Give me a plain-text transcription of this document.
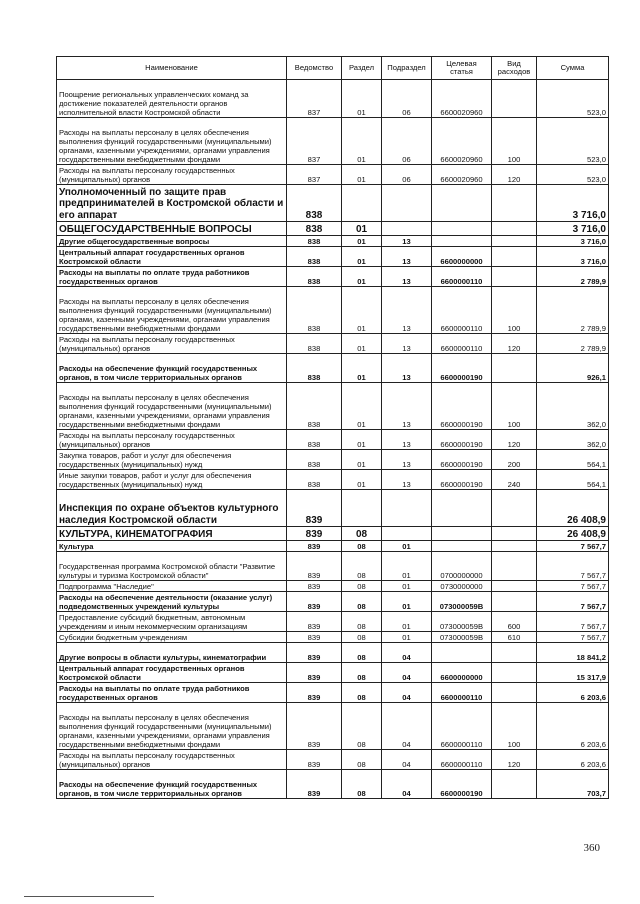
Наименование	Ведомство	Раздел	Подраздел	Целевая статья	Вид расходов	Сумма
Поощрение региональных управленческих команд за достижение показателей деятельности органов исполнительной власти Костромской области	837	01	06	6600020960		523,0
Расходы на выплаты персоналу в целях обеспечения выполнения функций государственными (муниципальными) органами, казенными учреждениями, органами управления государственными внебюджетными фондами	837	01	06	6600020960	100	523,0
Расходы на выплаты персоналу государственных (муниципальных) органов	837	01	06	6600020960	120	523,0
Уполномоченный по защите прав предпринимателей в Костромской области и его аппарат	838					3 716,0
ОБЩЕГОСУДАРСТВЕННЫЕ ВОПРОСЫ	838	01				3 716,0
Другие общегосударственные вопросы	838	01	13			3 716,0
Центральный аппарат государственных органов Костромской области	838	01	13	6600000000		3 716,0
Расходы на выплаты по оплате труда работников государственных органов	838	01	13	6600000110		2 789,9
Расходы на выплаты персоналу в целях обеспечения выполнения функций государственными (муниципальными) органами, казенными учреждениями, органами управления государственными внебюджетными фондами	838	01	13	6600000110	100	2 789,9
Расходы на выплаты персоналу государственных (муниципальных) органов	838	01	13	6600000110	120	2 789,9
Расходы на обеспечение функций государственных органов, в том числе территориальных органов	838	01	13	6600000190		926,1
Расходы на выплаты персоналу в целях обеспечения выполнения функций государственными (муниципальными) органами, казенными учреждениями, органами управления государственными внебюджетными фондами	838	01	13	6600000190	100	362,0
Расходы на выплаты персоналу государственных (муниципальных) органов	838	01	13	6600000190	120	362,0
Закупка товаров, работ и услуг для обеспечения государственных (муниципальных) нужд	838	01	13	6600000190	200	564,1
Иные закупки товаров, работ и услуг для обеспечения государственных (муниципальных) нужд	838	01	13	6600000190	240	564,1
Инспекция по охране объектов культурного наследия Костромской области	839					26 408,9
КУЛЬТУРА, КИНЕМАТОГРАФИЯ	839	08				26 408,9
Культура	839	08	01			7 567,7
Государственная программа Костромской области "Развитие культуры и туризма Костромской области"	839	08	01	0700000000		7 567,7
Подпрограмма "Наследие"	839	08	01	0730000000		7 567,7
Расходы на обеспечение деятельности (оказание услуг) подведомственных учреждений культуры	839	08	01	073000059В		7 567,7
Предоставление субсидий бюджетным, автономным учреждениям и иным некоммерческим организациям	839	08	01	073000059В	600	7 567,7
Субсидии бюджетным учреждениям	839	08	01	073000059В	610	7 567,7
Другие вопросы в области культуры, кинематографии	839	08	04			18 841,2
Центральный аппарат государственных органов Костромской области	839	08	04	6600000000		15 317,9
Расходы на выплаты по оплате труда работников государственных органов	839	08	04	6600000110		6 203,6
Расходы на выплаты персоналу в целях обеспечения выполнения функций государственными (муниципальными) органами, казенными учреждениями, органами управления государственными внебюджетными фондами	839	08	04	6600000110	100	6 203,6
Расходы на выплаты персоналу государственных (муниципальных) органов	839	08	04	6600000110	120	6 203,6
Расходы на обеспечение функций государственных органов, в том числе территориальных органов	839	08	04	6600000190		703,7
360
